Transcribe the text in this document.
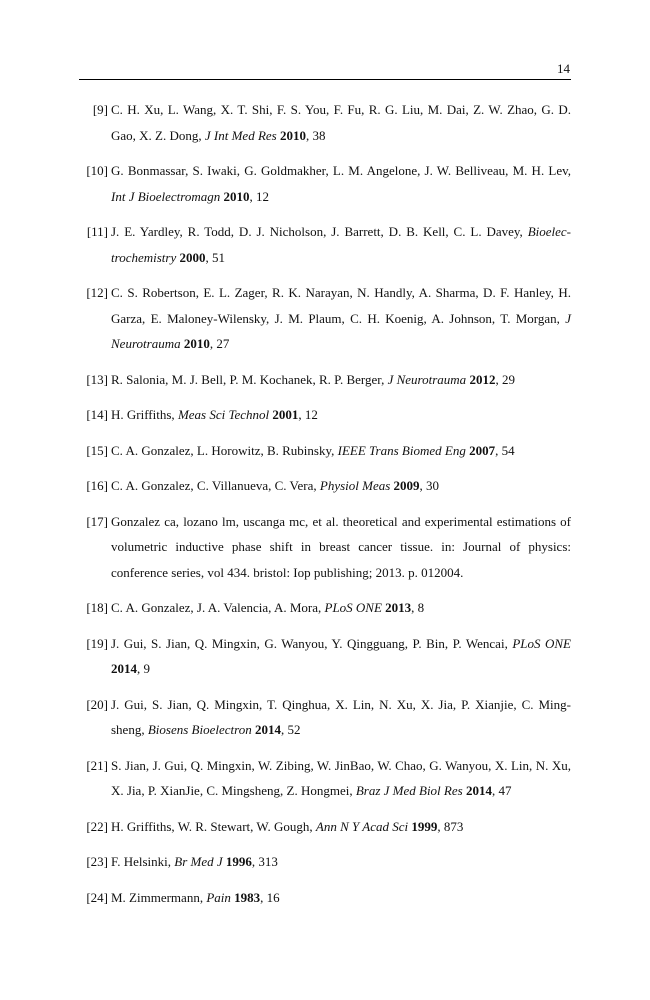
14
[9] C. H. Xu, L. Wang, X. T. Shi, F. S. You, F. Fu, R. G. Liu, M. Dai, Z. W. Zhao, G. D. Gao, X. Z. Dong, J Int Med Res 2010, 38
[10] G. Bonmassar, S. Iwaki, G. Goldmakher, L. M. Angelone, J. W. Belliveau, M. H. Lev, Int J Bioelectromagn 2010, 12
[11] J. E. Yardley, R. Todd, D. J. Nicholson, J. Barrett, D. B. Kell, C. L. Davey, Bioelec-trochemistry 2000, 51
[12] C. S. Robertson, E. L. Zager, R. K. Narayan, N. Handly, A. Sharma, D. F. Hanley, H. Garza, E. Maloney-Wilensky, J. M. Plaum, C. H. Koenig, A. Johnson, T. Morgan, J Neurotrauma 2010, 27
[13] R. Salonia, M. J. Bell, P. M. Kochanek, R. P. Berger, J Neurotrauma 2012, 29
[14] H. Griffiths, Meas Sci Technol 2001, 12
[15] C. A. Gonzalez, L. Horowitz, B. Rubinsky, IEEE Trans Biomed Eng 2007, 54
[16] C. A. Gonzalez, C. Villanueva, C. Vera, Physiol Meas 2009, 30
[17] Gonzalez ca, lozano lm, uscanga mc, et al. theoretical and experimental estimations of volumetric inductive phase shift in breast cancer tissue. in: Journal of physics: conference series, vol 434. bristol: Iop publishing; 2013. p. 012004.
[18] C. A. Gonzalez, J. A. Valencia, A. Mora, PLoS ONE 2013, 8
[19] J. Gui, S. Jian, Q. Mingxin, G. Wanyou, Y. Qingguang, P. Bin, P. Wencai, PLoS ONE 2014, 9
[20] J. Gui, S. Jian, Q. Mingxin, T. Qinghua, X. Lin, N. Xu, X. Jia, P. Xianjie, C. Ming-sheng, Biosens Bioelectron 2014, 52
[21] S. Jian, J. Gui, Q. Mingxin, W. Zibing, W. JinBao, W. Chao, G. Wanyou, X. Lin, N. Xu, X. Jia, P. XianJie, C. Mingsheng, Z. Hongmei, Braz J Med Biol Res 2014, 47
[22] H. Griffiths, W. R. Stewart, W. Gough, Ann N Y Acad Sci 1999, 873
[23] F. Helsinki, Br Med J 1996, 313
[24] M. Zimmermann, Pain 1983, 16
